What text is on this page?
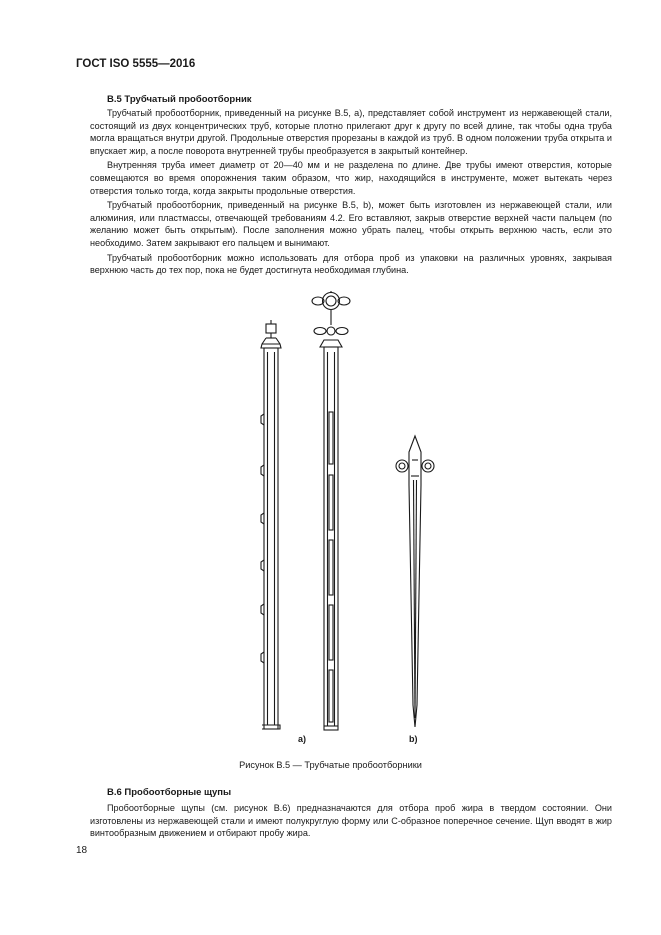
ГОСТ ISO 5555—2016
B.5 Трубчатый пробоотборник

Трубчатый пробоотборник, приведенный на рисунке B.5, а), представляет собой инструмент из нержавеющей стали, состоящий из двух концентрических труб, которые плотно прилегают друг к другу по всей длине, так чтобы одна труба могла вращаться внутри другой. Продольные отверстия прорезаны в каждой из труб. В одном положении труба открыта и впускает жир, а после поворота внутренней трубы преобразуется в закрытый контейнер.

Внутренняя труба имеет диаметр от 20—40 мм и не разделена по длине. Две трубы имеют отверстия, которые совмещаются во время опорожнения таким образом, что жир, находящийся в инструменте, может вытекать через отверстия только тогда, когда закрыты продольные отверстия.

Трубчатый пробоотборник, приведенный на рисунке B.5, b), может быть изготовлен из нержавеющей стали, или алюминия, или пластмассы, отвечающей требованиям 4.2. Его вставляют, закрыв отверстие верхней части пальцем (по желанию может быть открытым). После заполнения можно убрать палец, чтобы открыть верхнюю часть, если это необходимо. Затем закрывают его пальцем и вынимают.

Трубчатый пробоотборник можно использовать для отбора проб из упаковки на различных уровнях, закрывая верхнюю часть до тех пор, пока не будет достигнута необходимая глубина.

a)	b)
Рисунок B.5 — Трубчатые пробоотборники
B.6 Пробоотборные щупы

Пробоотборные щупы (см. рисунок B.6) предназначаются для отбора проб жира в твердом состоянии. Они изготовлены из нержавеющей стали и имеют полукруглую форму или С-образное поперечное сечение. Щуп вводят в жир винтообразным движением и отбирают пробу жира.

18
